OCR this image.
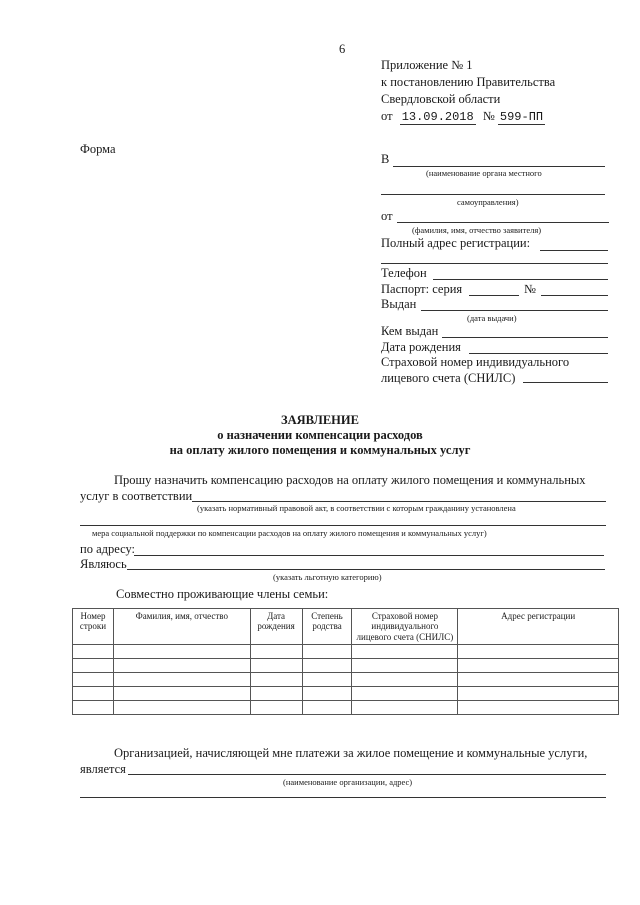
6
Приложение № 1
к постановлению Правительства
Свердловской области
от 13.09.2018 № 599-ПП
Форма
В
(наименование органа местного
самоуправления)
от
(фамилия, имя, отчество заявителя)
Полный адрес регистрации:
Телефон
Паспорт: серия	№
Выдан
(дата выдачи)
Кем выдан
Дата рождения
Страховой номер индивидуального
лицевого счета (СНИЛС)
ЗАЯВЛЕНИЕ
о назначении компенсации расходов
на оплату жилого помещения и коммунальных услуг
Прошу назначить компенсацию расходов на оплату жилого помещения и коммунальных
услуг в соответствии
(указать нормативный правовой акт, в соответствии с которым гражданину установлена
мера социальной поддержки по компенсации расходов на оплату жилого помещения и коммунальных услуг)
по адресу:
Являюсь
(указать льготную категорию)
Совместно проживающие члены семьи:
Номер строки	Фамилия, имя, отчество	Дата рождения	Степень родства	Страховой номер индивидуального лицевого счета (СНИЛС)	Адрес регистрации

Организацией, начисляющей мне платежи за жилое помещение и коммунальные услуги,
является
(наименование организации, адрес)
